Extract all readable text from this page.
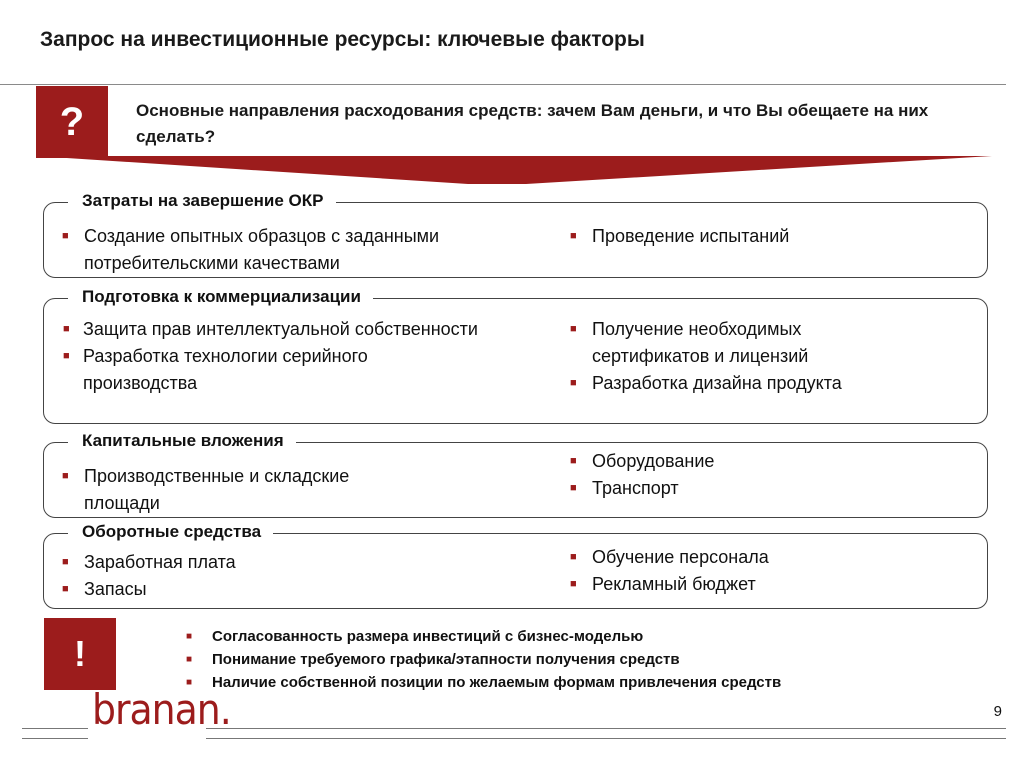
Запрос на инвестиционные ресурсы: ключевые факторы
?	Основные направления расходования средств: зачем Вам деньги, и что Вы обещаете на них сделать?
Затраты на завершение ОКР
■ Создание опытных образцов с заданными потребительскими качествами
■ Проведение испытаний
Подготовка к коммерциализации
■ Защита прав интеллектуальной собственности
■ Разработка технологии серийного производства
■ Получение необходимых сертификатов и лицензий
■ Разработка дизайна продукта
Капитальные вложения
■ Производственные и складские площади
■ Оборудование
■ Транспорт
Оборотные средства
■ Заработная плата
■ Запасы
■ Обучение персонала
■ Рекламный бюджет
!	■ Согласованность размера инвестиций с бизнес-моделью
■ Понимание требуемого графика/этапности получения средств
■ Наличие собственной позиции по желаемым формам привлечения средств
branan.	9
